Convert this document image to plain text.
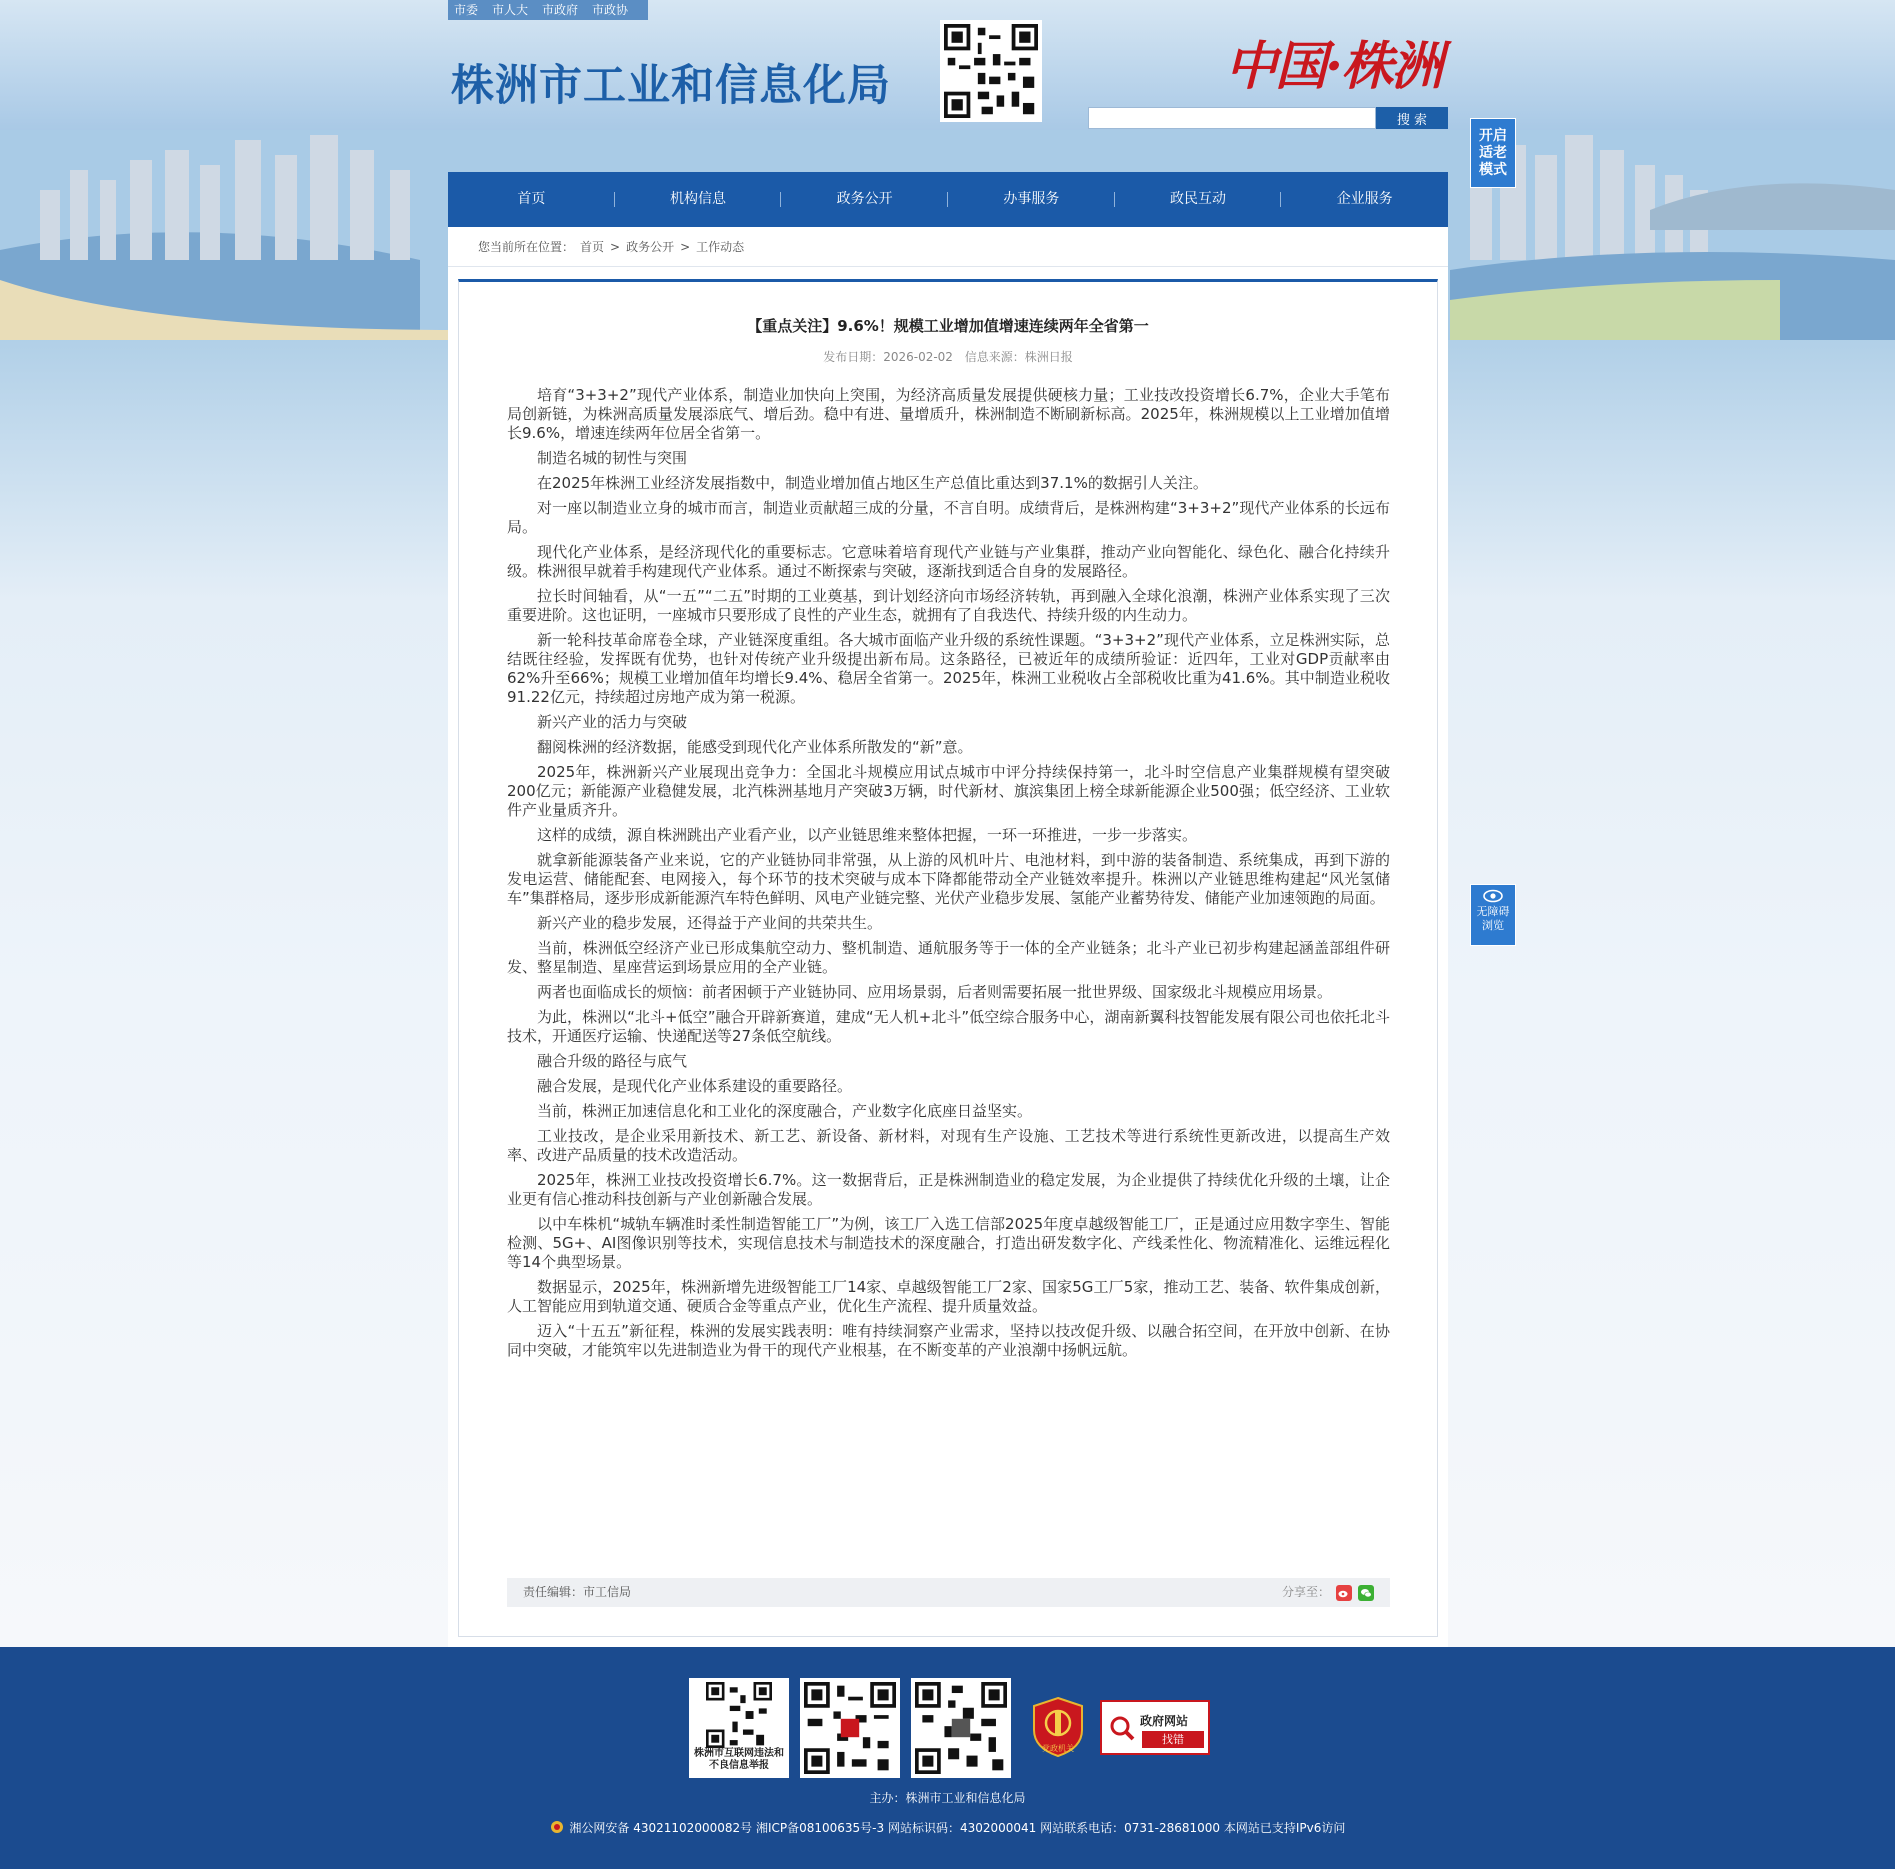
市委 市人大 市政府 市政协
株洲市工业和信息化局	中国·株洲
搜 索
开启适老模式
首页	机构信息	政务公开	办事服务	政民互动	企业服务
您当前所在位置： 首页 > 政务公开 > 工作动态
【重点关注】9.6%！规模工业增加值增速连续两年全省第一
发布日期：2026-02-02 信息来源：株洲日报

培育“3+3+2”现代产业体系，制造业加快向上突围，为经济高质量发展提供硬核力量；工业技改投资增长6.7%，企业大手笔布局创新链，为株洲高质量发展添底气、增后劲。稳中有进、量增质升，株洲制造不断刷新标高。2025年，株洲规模以上工业增加值增长9.6%，增速连续两年位居全省第一。

制造名城的韧性与突围

在2025年株洲工业经济发展指数中，制造业增加值占地区生产总值比重达到37.1%的数据引人关注。

对一座以制造业立身的城市而言，制造业贡献超三成的分量，不言自明。成绩背后，是株洲构建“3+3+2”现代产业体系的长远布局。

现代化产业体系，是经济现代化的重要标志。它意味着培育现代产业链与产业集群，推动产业向智能化、绿色化、融合化持续升级。株洲很早就着手构建现代产业体系。通过不断探索与突破，逐渐找到适合自身的发展路径。

拉长时间轴看，从“一五”“二五”时期的工业奠基，到计划经济向市场经济转轨，再到融入全球化浪潮，株洲产业体系实现了三次重要进阶。这也证明，一座城市只要形成了良性的产业生态，就拥有了自我迭代、持续升级的内生动力。

新一轮科技革命席卷全球，产业链深度重组。各大城市面临产业升级的系统性课题。“3+3+2”现代产业体系，立足株洲实际，总结既往经验，发挥既有优势，也针对传统产业升级提出新布局。这条路径，已被近年的成绩所验证：近四年，工业对GDP贡献率由62%升至66%；规模工业增加值年均增长9.4%、稳居全省第一。2025年，株洲工业税收占全部税收比重为41.6%。其中制造业税收91.22亿元，持续超过房地产成为第一税源。

新兴产业的活力与突破

翻阅株洲的经济数据，能感受到现代化产业体系所散发的“新”意。

2025年，株洲新兴产业展现出竞争力：全国北斗规模应用试点城市中评分持续保持第一，北斗时空信息产业集群规模有望突破200亿元；新能源产业稳健发展，北汽株洲基地月产突破3万辆，时代新材、旗滨集团上榜全球新能源企业500强；低空经济、工业软件产业量质齐升。

这样的成绩，源自株洲跳出产业看产业，以产业链思维来整体把握，一环一环推进，一步一步落实。

就拿新能源装备产业来说，它的产业链协同非常强，从上游的风机叶片、电池材料，到中游的装备制造、系统集成，再到下游的发电运营、储能配套、电网接入，每个环节的技术突破与成本下降都能带动全产业链效率提升。株洲以产业链思维构建起“风光氢储车”集群格局，逐步形成新能源汽车特色鲜明、风电产业链完整、光伏产业稳步发展、氢能产业蓄势待发、储能产业加速领跑的局面。

新兴产业的稳步发展，还得益于产业间的共荣共生。

当前，株洲低空经济产业已形成集航空动力、整机制造、通航服务等于一体的全产业链条；北斗产业已初步构建起涵盖部组件研发、整星制造、星座营运到场景应用的全产业链。

两者也面临成长的烦恼：前者困顿于产业链协同、应用场景弱，后者则需要拓展一批世界级、国家级北斗规模应用场景。

为此，株洲以“北斗+低空”融合开辟新赛道，建成“无人机+北斗”低空综合服务中心，湖南新翼科技智能发展有限公司也依托北斗技术，开通医疗运输、快递配送等27条低空航线。

融合升级的路径与底气

融合发展，是现代化产业体系建设的重要路径。

当前，株洲正加速信息化和工业化的深度融合，产业数字化底座日益坚实。

工业技改，是企业采用新技术、新工艺、新设备、新材料，对现有生产设施、工艺技术等进行系统性更新改进，以提高生产效率、改进产品质量的技术改造活动。

2025年，株洲工业技改投资增长6.7%。这一数据背后，正是株洲制造业的稳定发展，为企业提供了持续优化升级的土壤，让企业更有信心推动科技创新与产业创新融合发展。

以中车株机“城轨车辆准时柔性制造智能工厂”为例，该工厂入选工信部2025年度卓越级智能工厂，正是通过应用数字孪生、智能检测、5G+、AI图像识别等技术，实现信息技术与制造技术的深度融合，打造出研发数字化、产线柔性化、物流精准化、运维远程化等14个典型场景。

数据显示，2025年，株洲新增先进级智能工厂14家、卓越级智能工厂2家、国家5G工厂5家，推动工艺、装备、软件集成创新，人工智能应用到轨道交通、硬质合金等重点产业，优化生产流程、提升质量效益。

迈入“十五五”新征程，株洲的发展实践表明：唯有持续洞察产业需求，坚持以技改促升级、以融合拓空间，在开放中创新、在协同中突破，才能筑牢以先进制造业为骨干的现代产业根基，在不断变革的产业浪潮中扬帆远航。

责任编辑：市工信局	分享至：
无障碍
浏览
株洲市互联网违法和不良信息举报
党政机关
政府网站
找错
主办：株洲市工业和信息化局
湘公网安备 43021102000082号 湘ICP备08100635号-3 网站标识码：4302000041 网站联系电话：0731-28681000 本网站已支持IPv6访问
